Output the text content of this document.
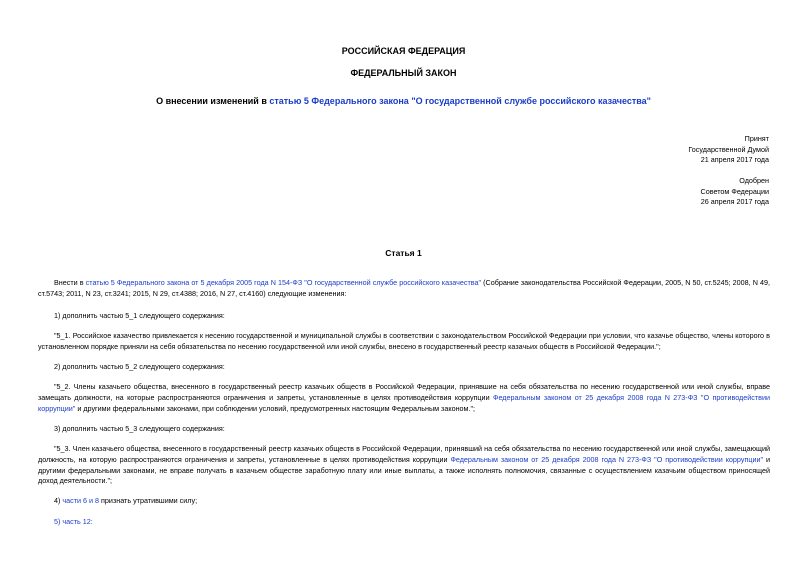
РОССИЙСКАЯ ФЕДЕРАЦИЯ
ФЕДЕРАЛЬНЫЙ ЗАКОН
О внесении изменений в статью 5 Федерального закона "О государственной службе российского казачества"
Принят
Государственной Думой
21 апреля 2017 года
Одобрен
Советом Федерации
26 апреля 2017 года
Статья 1
Внести в статью 5 Федерального закона от 5 декабря 2005 года N 154-ФЗ "О государственной службе российского казачества" (Собрание законодательства Российской Федерации, 2005, N 50, ст.5245; 2008, N 49, ст.5743; 2011, N 23, ст.3241; 2015, N 29, ст.4388; 2016, N 27, ст.4160) следующие изменения:
1) дополнить частью 5_1 следующего содержания:
"5_1. Российское казачество привлекается к несению государственной и муниципальной службы в соответствии с законодательством Российской Федерации при условии, что казачье общество, члены которого в установленном порядке приняли на себя обязательства по несению государственной или иной службы, внесено в государственный реестр казачьих обществ в Российской Федерации.";
2) дополнить частью 5_2 следующего содержания:
"5_2. Члены казачьего общества, внесенного в государственный реестр казачьих обществ в Российской Федерации, принявшие на себя обязательства по несению государственной или иной службы, вправе замещать должности, на которые распространяются ограничения и запреты, установленные в целях противодействия коррупции Федеральным законом от 25 декабря 2008 года N 273-ФЗ "О противодействии коррупции" и другими федеральными законами, при соблюдении условий, предусмотренных настоящим Федеральным законом.";
3) дополнить частью 5_3 следующего содержания:
"5_3. Член казачьего общества, внесенного в государственный реестр казачьих обществ в Российской Федерации, принявший на себя обязательства по несению государственной или иной службы, замещающий должность, на которую распространяются ограничения и запреты, установленные в целях противодействия коррупции Федеральным законом от 25 декабря 2008 года N 273-ФЗ "О противодействии коррупции" и другими федеральными законами, не вправе получать в казачьем обществе заработную плату или иные выплаты, а также исполнять полномочия, связанные с осуществлением казачьим обществом приносящей доход деятельности.";
4) части 6 и 8 признать утратившими силу;
5) часть 12:
